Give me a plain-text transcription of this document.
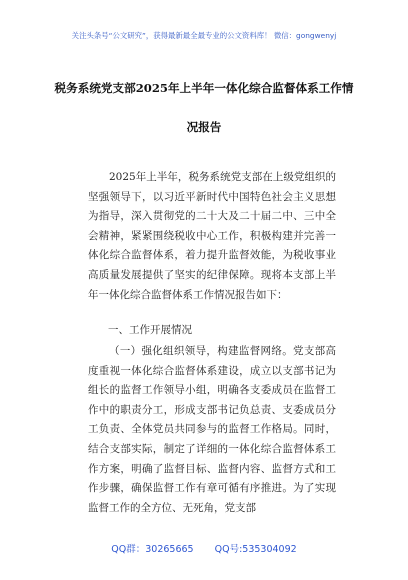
关注头条号“公文研究”，获得最新最全最专业的公文资料库！ 微信：gongwenyj
税务系统党支部2025年上半年一体化综合监督体系工作情
况报告
2025年上半年，税务系统党支部在上级党组织的坚强领导下，以习近平新时代中国特色社会主义思想为指导，深入贯彻党的二十大及二十届二中、三中全会精神，紧紧围绕税收中心工作，积极构建并完善一体化综合监督体系，着力提升监督效能，为税收事业高质量发展提供了坚实的纪律保障。现将本支部上半年一体化综合监督体系工作情况报告如下：
一、工作开展情况
（一）强化组织领导，构建监督网络。党支部高度重视一体化综合监督体系建设，成立以支部书记为组长的监督工作领导小组，明确各支委成员在监督工作中的职责分工，形成支部书记负总责、支委成员分工负责、全体党员共同参与的监督工作格局。同时，结合支部实际，制定了详细的一体化综合监督体系工作方案，明确了监督目标、监督内容、监督方式和工作步骤，确保监督工作有章可循有序推进。为了实现监督工作的全方位、无死角，党支部
QQ群：30265665 QQ号:535304092
